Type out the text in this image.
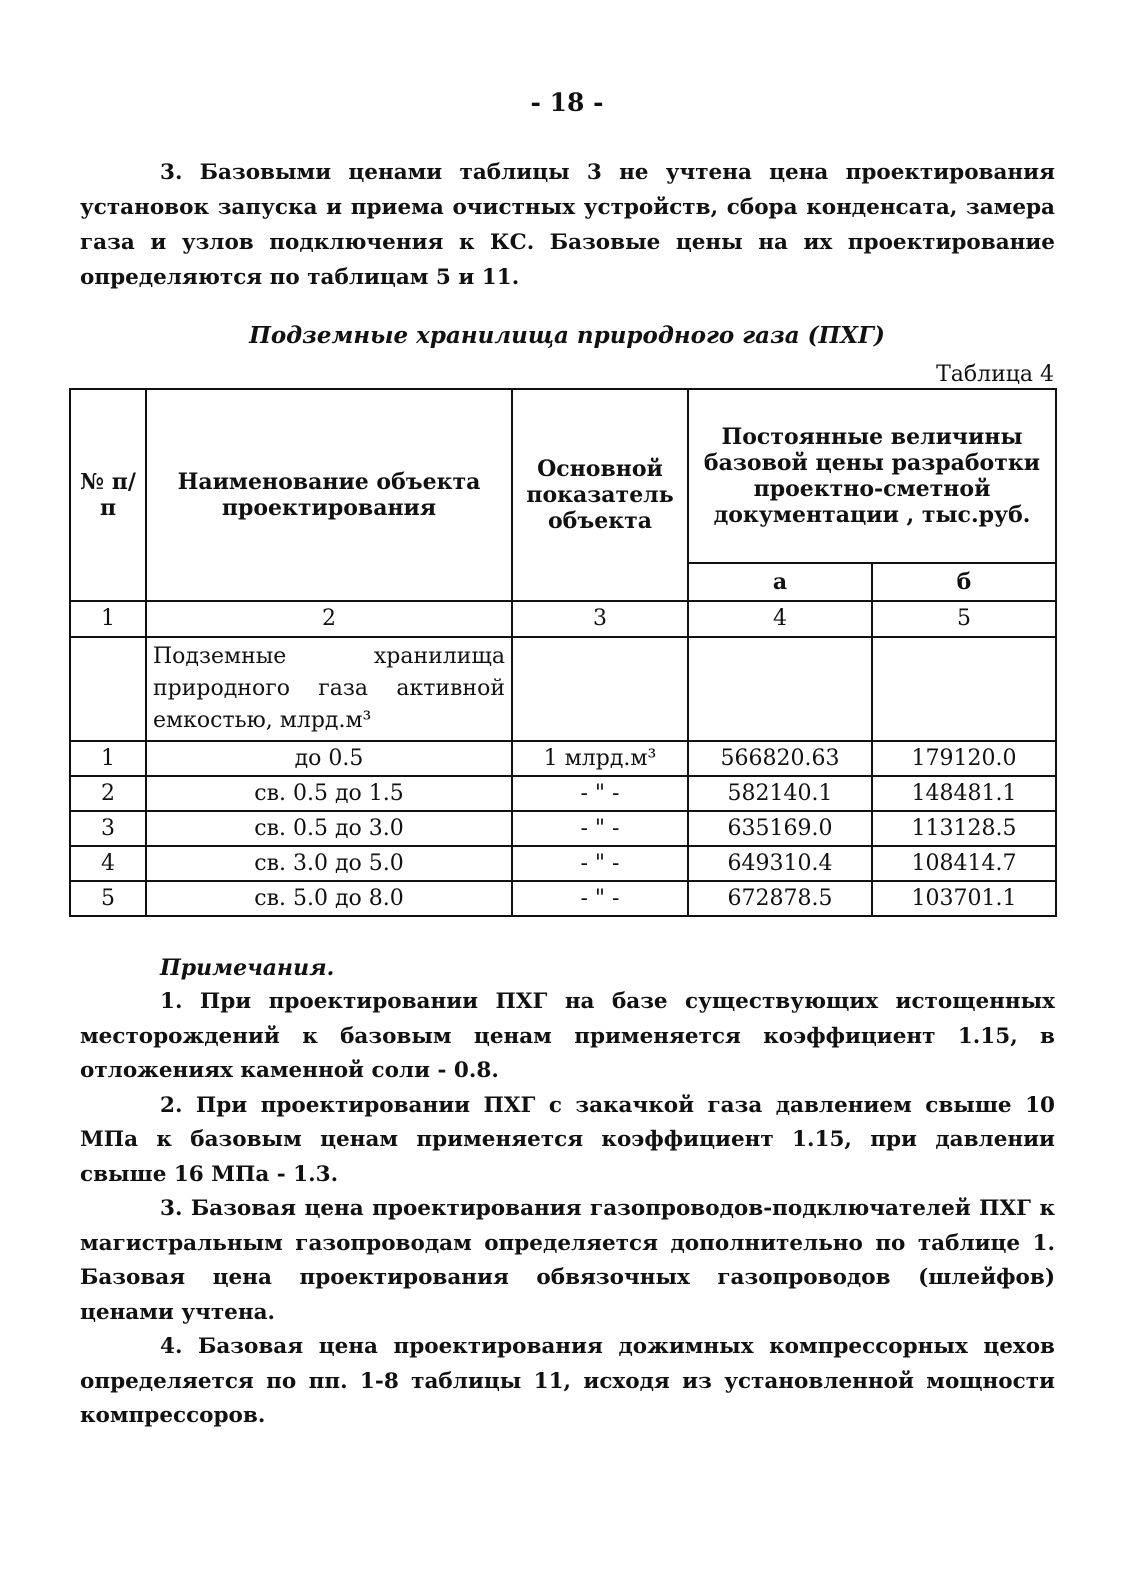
- 18 -

3. Базовыми ценами таблицы 3 не учтена цена проектирования установок запуска и приема очистных устройств, сбора конденсата, замера газа и узлов подключения к КС. Базовые цены на их проектирование определяются по таблицам 5 и 11.

Подземные хранилища природного газа (ПХГ)
Таблица 4
№ п/п	Наименование объекта проектирования	Основной показатель объекта	Постоянные величины базовой цены разработки проектно-сметной документации , тыс.руб.	
			а	б
1	2	3	4	5
	Подземные хранилища природного газа активной емкостью, млрд.м³			
1	до 0.5	1 млрд.м³	566820.63	179120.0
2	св. 0.5 до 1.5	- " -	582140.1	148481.1
3	св. 0.5 до 3.0	- " -	635169.0	113128.5
4	св. 3.0 до 5.0	- " -	649310.4	108414.7
5	св. 5.0 до 8.0	- " -	672878.5	103701.1
Примечания.

1. При проектировании ПХГ на базе существующих истощенных месторождений к базовым ценам применяется коэффициент 1.15, в отложениях каменной соли - 0.8.

2. При проектировании ПХГ с закачкой газа давлением свыше 10 МПа к базовым ценам применяется коэффициент 1.15, при давлении свыше 16 МПа - 1.3.

3. Базовая цена проектирования газопроводов-подключателей ПХГ к магистральным газопроводам определяется дополнительно по таблице 1. Базовая цена проектирования обвязочных газопроводов (шлейфов) ценами учтена.

4. Базовая цена проектирования дожимных компрессорных цехов определяется по пп. 1-8 таблицы 11, исходя из установленной мощности компрессоров.
